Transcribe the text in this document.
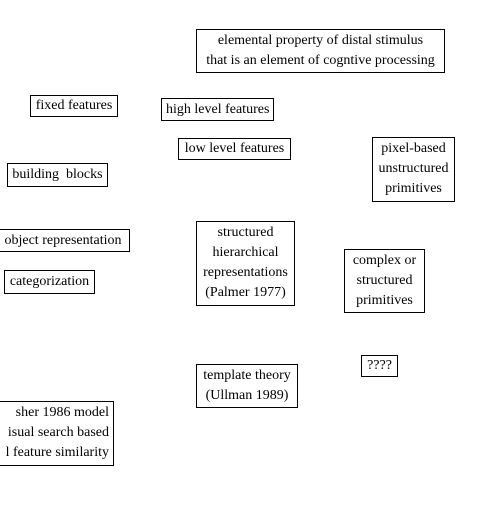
elemental property of distal stimulus
that is an element of cogntive processing
fixed features	high level features
low level features	pixel-based
unstructured
primitives
building  blocks
object representation
structured
hierarchical
representations
(Palmer 1977)
complex or
structured
primitives
categorization
????
template theory
(Ullman 1989)
sher 1986 model
isual search based
l feature similarity
